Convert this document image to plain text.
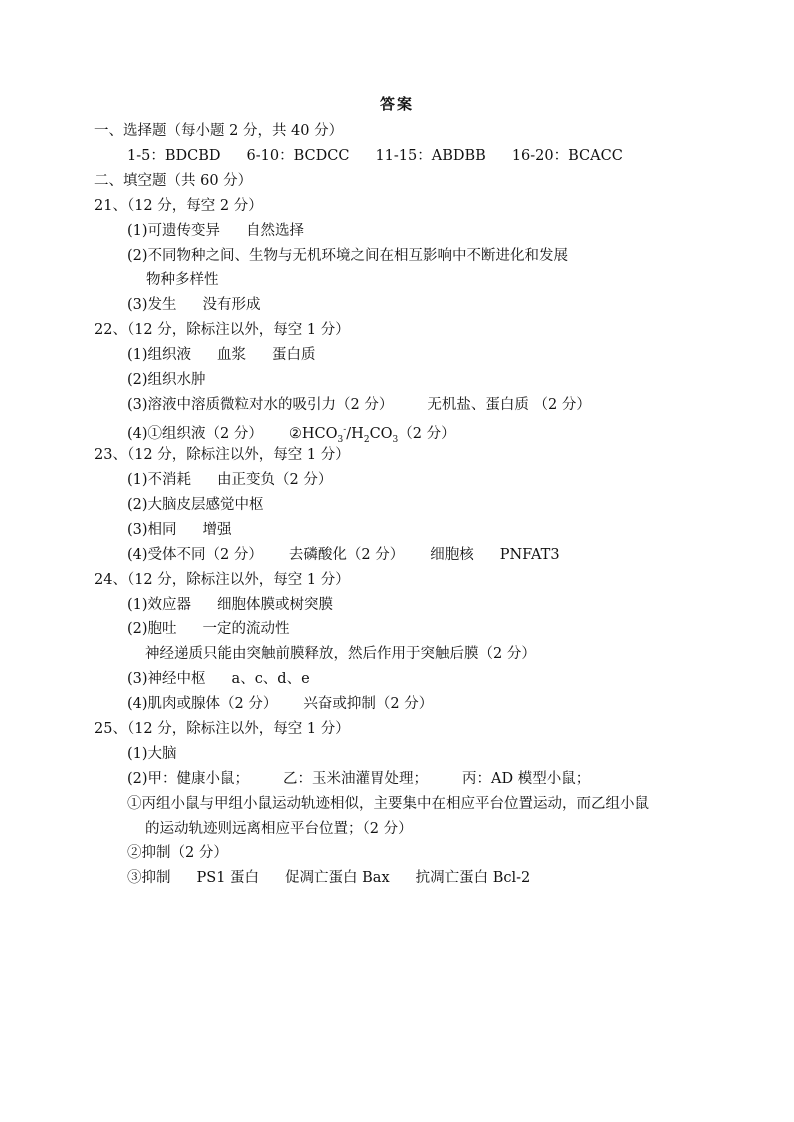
答案
一、选择题（每小题 2 分，共 40 分）
1-5：BDCBD 6-10：BCDCC 11-15：ABDBB 16-20：BCACC
二、填空题（共 60 分）
21、（12 分，每空 2 分）
(1)可遗传变异 自然选择
(2)不同物种之间、生物与无机环境之间在相互影响中不断进化和发展
物种多样性
(3)发生 没有形成
22、（12 分，除标注以外，每空 1 分）
(1)组织液 血浆 蛋白质
(2)组织水肿
(3)溶液中溶质微粒对水的吸引力（2 分） 无机盐、蛋白质 （2 分）
(4)①组织液（2 分） $②HCO_3^-/H_2CO_3(2$ 分）
23、（12 分，除标注以外，每空 1 分）
(1)不消耗 由正变负（2 分）
(2)大脑皮层感觉中枢
(3)相同 增强
(4)受体不同（2 分） 去磷酸化（2 分） 细胞核 PNFAT3
24、（12 分，除标注以外，每空 1 分）
(1)效应器 细胞体膜或树突膜
(2)胞吐 一定的流动性
神经递质只能由突触前膜释放，然后作用于突触后膜（2 分）
(3)神经中枢 a、c、d、e
(4)肌肉或腺体（2 分） 兴奋或抑制（2 分）
25、（12 分，除标注以外，每空 1 分）
(1)大脑
(2)甲：健康小鼠； 乙：玉米油灌胃处理； 丙：AD 模型小鼠；
①丙组小鼠与甲组小鼠运动轨迹相似，主要集中在相应平台位置运动，而乙组小鼠
的运动轨迹则远离相应平台位置；（2 分）
②抑制（2 分）
③抑制 PS1 蛋白 促凋亡蛋白 Bax 抗凋亡蛋白 Bcl-2
